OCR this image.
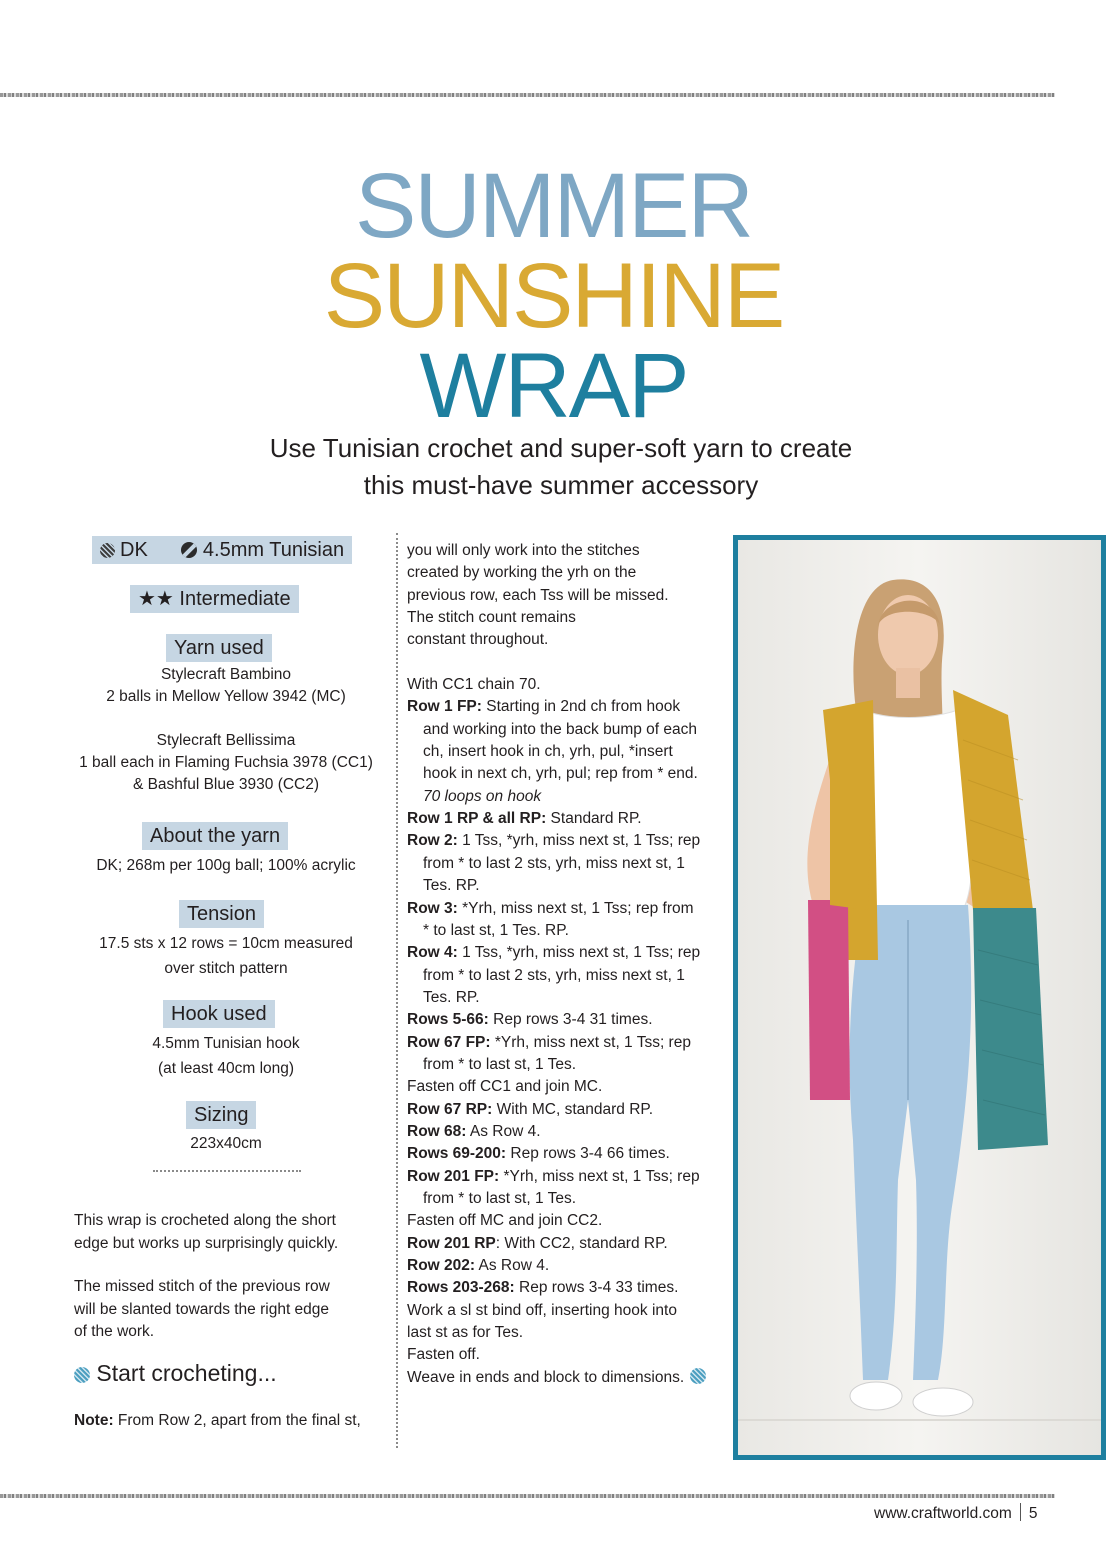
SUMMER
SUNSHINE
WRAP
Use Tunisian crochet and super-soft yarn to create
this must-have summer accessory
DK	4.5mm Tunisian
★★ Intermediate
Yarn used
Stylecraft Bambino
2 balls in Mellow Yellow 3942 (MC)
Stylecraft Bellissima
1 ball each in Flaming Fuchsia 3978 (CC1)
& Bashful Blue 3930 (CC2)
About the yarn
DK; 268m per 100g ball; 100% acrylic
Tension
17.5 sts x 12 rows = 10cm measured
over stitch pattern
Hook used
4.5mm Tunisian hook
(at least 40cm long)
Sizing
223x40cm
This wrap is crocheted along the short
edge but works up surprisingly quickly.
The missed stitch of the previous row
will be slanted towards the right edge
of the work.
Start crocheting...
Note: From Row 2, apart from the final st,
you will only work into the stitches
created by working the yrh on the
previous row, each Tss will be missed.
The stitch count remains
constant throughout.
With CC1 chain 70.
Row 1 FP: Starting in 2nd ch from hook
and working into the back bump of each
ch, insert hook in ch, yrh, pul, *insert
hook in next ch, yrh, pul; rep from * end.
70 loops on hook
Row 1 RP & all RP: Standard RP.
Row 2: 1 Tss, *yrh, miss next st, 1 Tss; rep
from * to last 2 sts, yrh, miss next st, 1
Tes. RP.
Row 3: *Yrh, miss next st, 1 Tss; rep from
* to last st, 1 Tes. RP.
Row 4: 1 Tss, *yrh, miss next st, 1 Tss; rep
from * to last 2 sts, yrh, miss next st, 1
Tes. RP.
Rows 5-66: Rep rows 3-4 31 times.
Row 67 FP: *Yrh, miss next st, 1 Tss; rep
from * to last st, 1 Tes.
Fasten off CC1 and join MC.
Row 67 RP: With MC, standard RP.
Row 68: As Row 4.
Rows 69-200: Rep rows 3-4 66 times.
Row 201 FP: *Yrh, miss next st, 1 Tss; rep
from * to last st, 1 Tes.
Fasten off MC and join CC2.
Row 201 RP: With CC2, standard RP.
Row 202: As Row 4.
Rows 203-268: Rep rows 3-4 33 times.
Work a sl st bind off, inserting hook into
last st as for Tes.
Fasten off.
Weave in ends and block to dimensions.
www.craftworld.com 5
